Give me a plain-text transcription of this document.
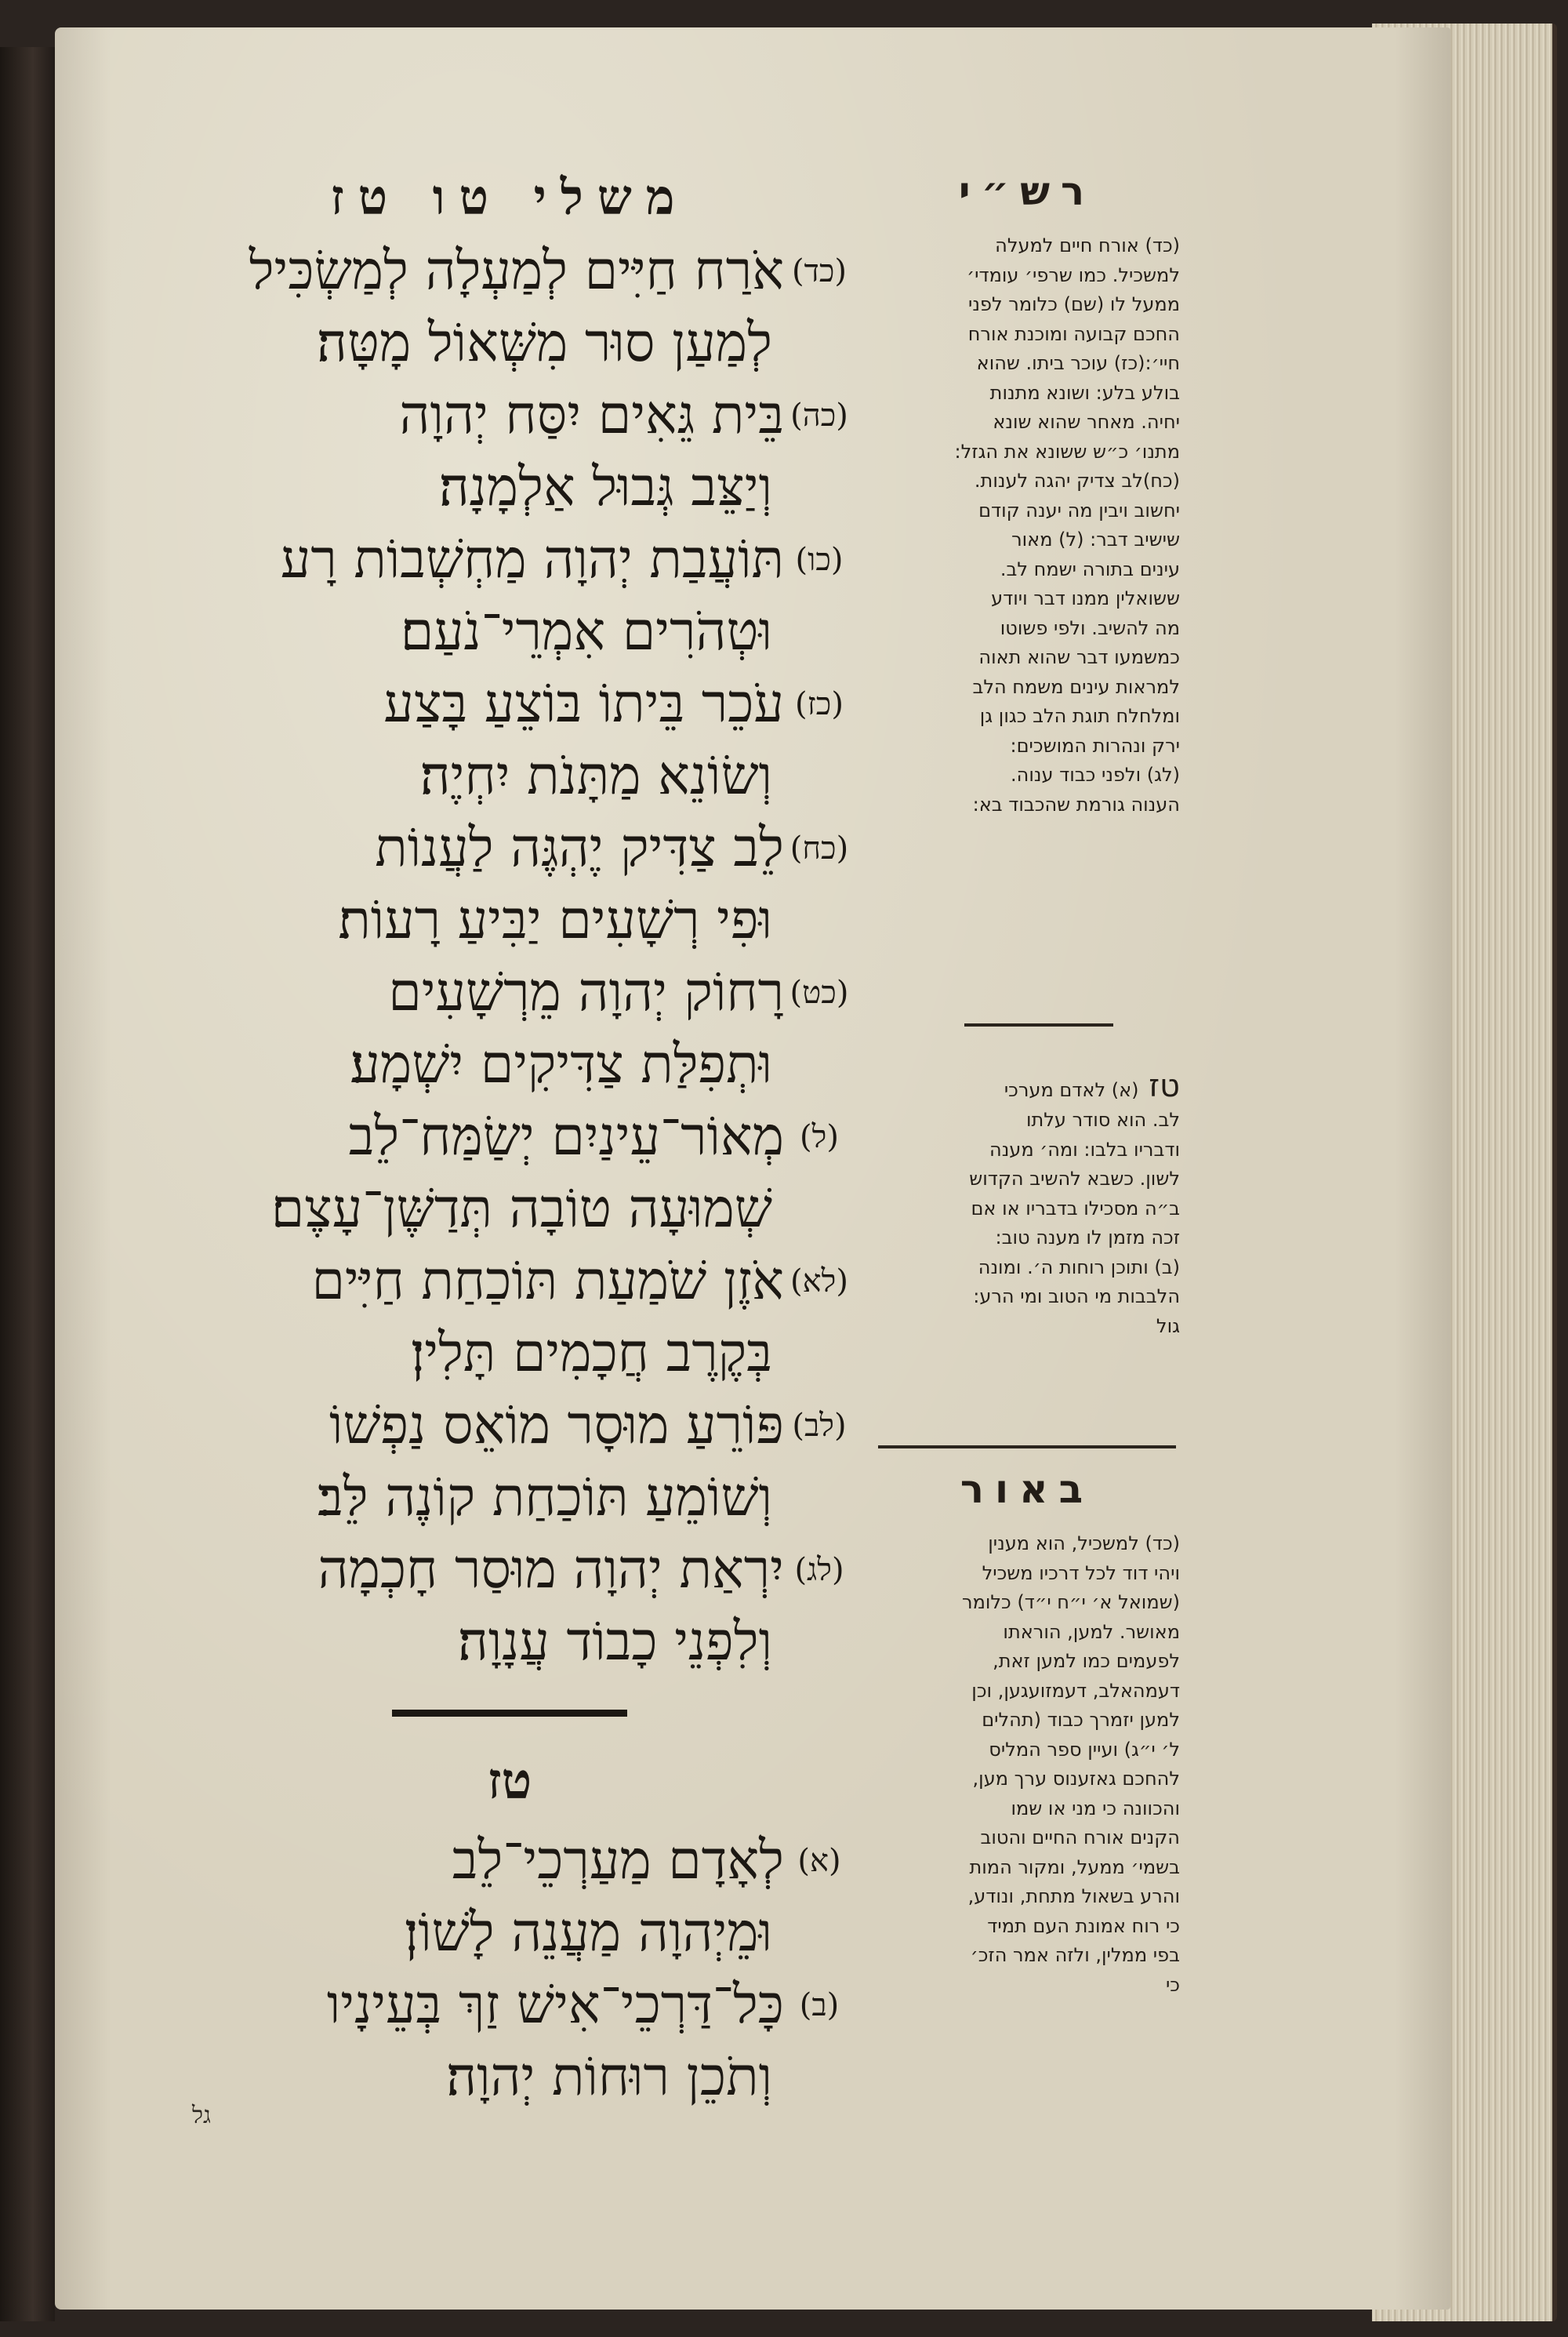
משלי טו טז
(כד)אֹרַח חַיִּים לְמַעְלָה לְמַשְׂכִּיל
לְמַעַן סוּר מִשְּׁאוֹל מָטָּה׃
(כה)בֵּית גֵּאִים יִסַּח יְהוָה
וְיַצֵּב גְּבוּל אַלְמָנָה׃
(כו)תּוֹעֲבַת יְהוָה מַחְשְׁבוֹת רָע
וּטְהֹרִים אִמְרֵי־נֹעַם׃
(כז)עֹכֵר בֵּיתוֹ בּוֹצֵעַ בָּצַע
וְשׂוֹנֵא מַתָּנֹת יִחְיֶה׃
(כח)לֵב צַדִּיק יֶהְגֶּה לַעֲנוֹת
וּפִי רְשָׁעִים יַבִּיעַ רָעוֹת׃
(כט)רָחוֹק יְהוָה מֵרְשָׁעִים
וּתְפִלַּת צַדִּיקִים יִשְׁמָע׃
(ל)מְאוֹר־עֵינַיִם יְשַׂמַּח־לֵב
שְׁמוּעָה טוֹבָה תְּדַשֶּׁן־עָצֶם׃
(לא)אֹזֶן שֹׁמַעַת תּוֹכַחַת חַיִּים
בְּקֶרֶב חֲכָמִים תָּלִין׃
(לב)פּוֹרֵעַ מוּסָר מוֹאֵס נַפְשׁוֹ
וְשׁוֹמֵעַ תּוֹכַחַת קוֹנֶה לֵּב׃
(לג)יִרְאַת יְהוָה מוּסַר חָכְמָה
וְלִפְנֵי כָבוֹד עֲנָוָה׃
טז
(א)לְאָדָם מַעַרְכֵי־לֵב
וּמֵיְהוָה מַעֲנֵה לָשׁוֹן׃
(ב)כָּל־דַּרְכֵי־אִישׁ זַךְ בְּעֵינָיו
וְתֹכֵן רוּחוֹת יְהוָה׃
גל
רש״י
(כד) אורח חיים למעלה
למשכיל. כמו שרפי׳ עומדי׳
ממעל לו (שם) כלומר לפני
החכם קבועה ומוכנת אורח
חיי׳:(כז) עוכר ביתו. שהוא
בולע בלע: ושונא מתנות
יחיה. מאחר שהוא שונא
מתנו׳ כ״ש ששונא את הגזל:
(כח)לב צדיק יהגה לענות.
יחשוב ויבין מה יענה קודם
שישיב דבר: (ל) מאור
עינים בתורה ישמח לב.
ששואלין ממנו דבר ויודע
מה להשיב. ולפי פשוטו
כמשמעו דבר שהוא תאוה
למראות עינים משמח הלב
ומלחלח תוגת הלב כגון גן
ירק ונהרות המושכים:
(לג) ולפני כבוד ענוה.
הענוה גורמת שהכבוד בא:
טז (א) לאדם מערכי
לב. הוא סודר עלתו
ודבריו בלבו: ומה׳ מענה
לשון. כשבא להשיב הקדוש
ב״ה מסכילו בדבריו או אם
זכה מזמן לו מענה טוב:
(ב) ותוכן רוחות ה׳. ומונה
הלבבות מי הטוב ומי הרע:
גול
באור
(כד) למשכיל, הוא מענין
ויהי דוד לכל דרכיו משכיל
(שמואל א׳ י״ח י״ד) כלומר
מאושר. למען, הוראתו
לפעמים כמו למען זאת,
דעמהאלב, דעמזועגען, וכן
למען יזמרך כבוד (תהלים
ל׳ י״ג) ועיין ספר המליס
להחכם גאזענוס ערך מען,
והכוונה כי מני או שמו
הקנים אורח החיים והטוב
בשמי׳ ממעל, ומקור המות
והרע בשאול מתחת, ונודע,
כי רוח אמונת העם תמיד
בפי ממלין, ולזה אמר הזכ׳
כי
